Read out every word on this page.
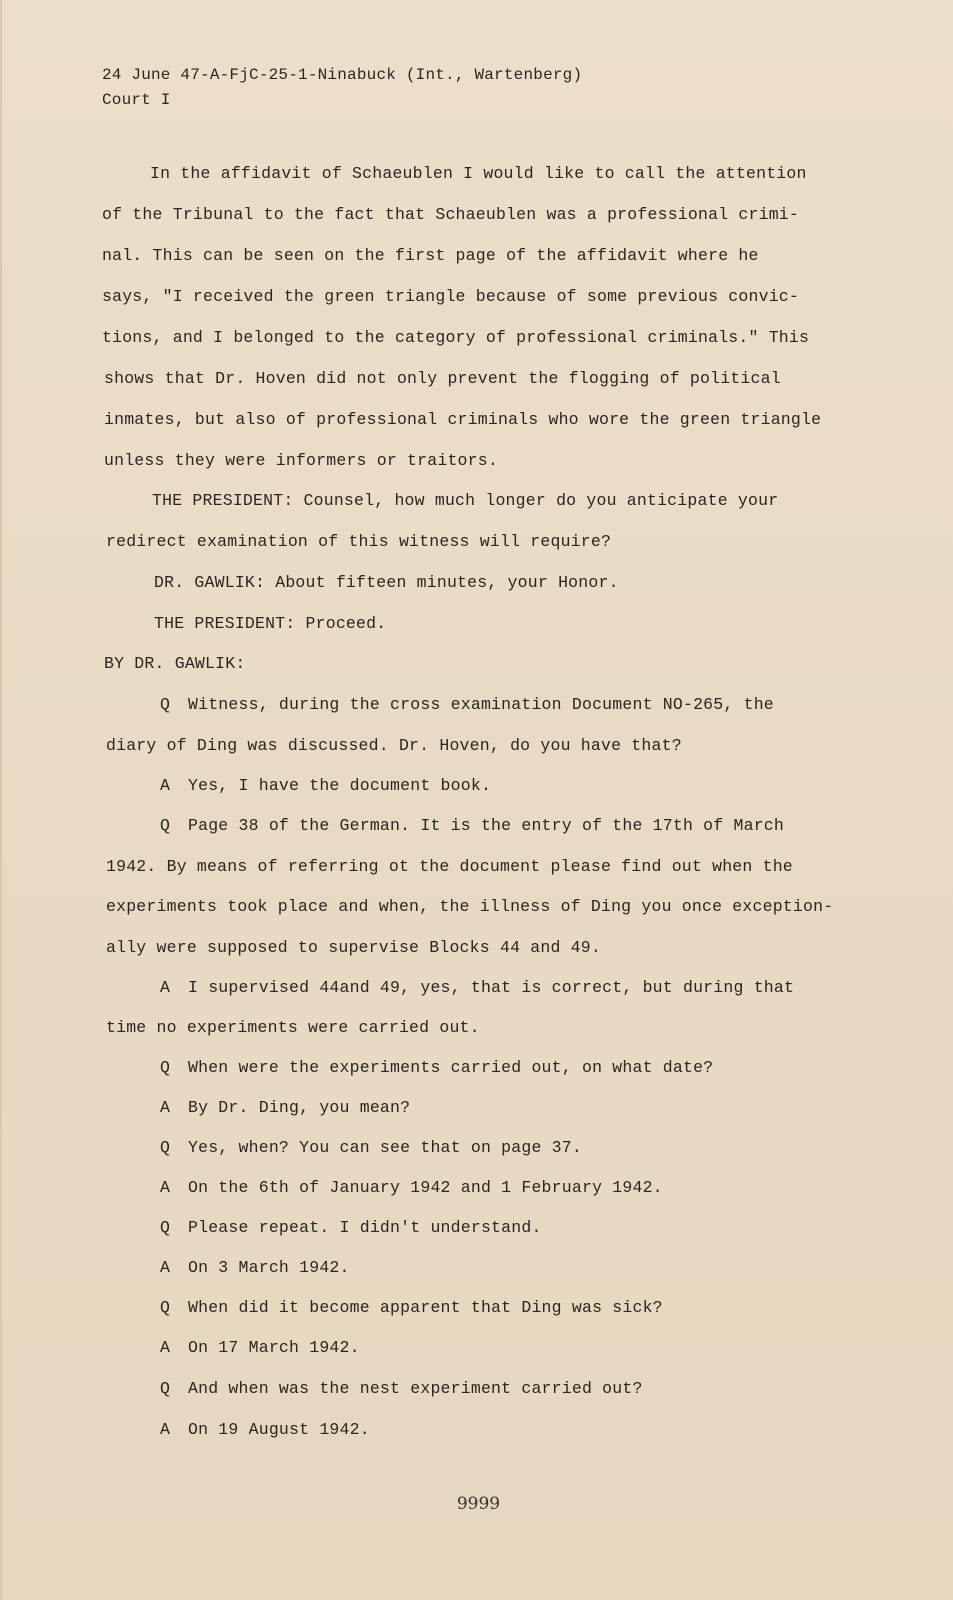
24 June 47-A-FjC-25-1-Ninabuck (Int., Wartenberg)
Court I
In the affidavit of Schaeublen I would like to call the attention
of the Tribunal to the fact that Schaeublen was a professional crimi-
nal. This can be seen on the first page of the affidavit where he
says, "I received the green triangle because of some previous convic-
tions, and I belonged to the category of professional criminals." This
shows that Dr. Hoven did not only prevent the flogging of political
inmates, but also of professional criminals who wore the green triangle
unless they were informers or traitors.
THE PRESIDENT: Counsel, how much longer do you anticipate your
redirect examination of this witness will require?
DR. GAWLIK: About fifteen minutes, your Honor.
THE PRESIDENT: Proceed.
BY DR. GAWLIK:
Q Witness, during the cross examination Document NO-265, the
diary of Ding was discussed. Dr. Hoven, do you have that?
A Yes, I have the document book.
Q Page 38 of the German. It is the entry of the 17th of March
1942. By means of referring ot the document please find out when the
experiments took place and when, the illness of Ding you once exception-
ally were supposed to supervise Blocks 44 and 49.
A I supervised 44and 49, yes, that is correct, but during that
time no experiments were carried out.
Q When were the experiments carried out, on what date?
A By Dr. Ding, you mean?
Q Yes, when? You can see that on page 37.
A On the 6th of January 1942 and 1 February 1942.
Q Please repeat. I didn't understand.
A On 3 March 1942.
Q When did it become apparent that Ding was sick?
A On 17 March 1942.
Q And when was the nest experiment carried out?
A On 19 August 1942.
9999
